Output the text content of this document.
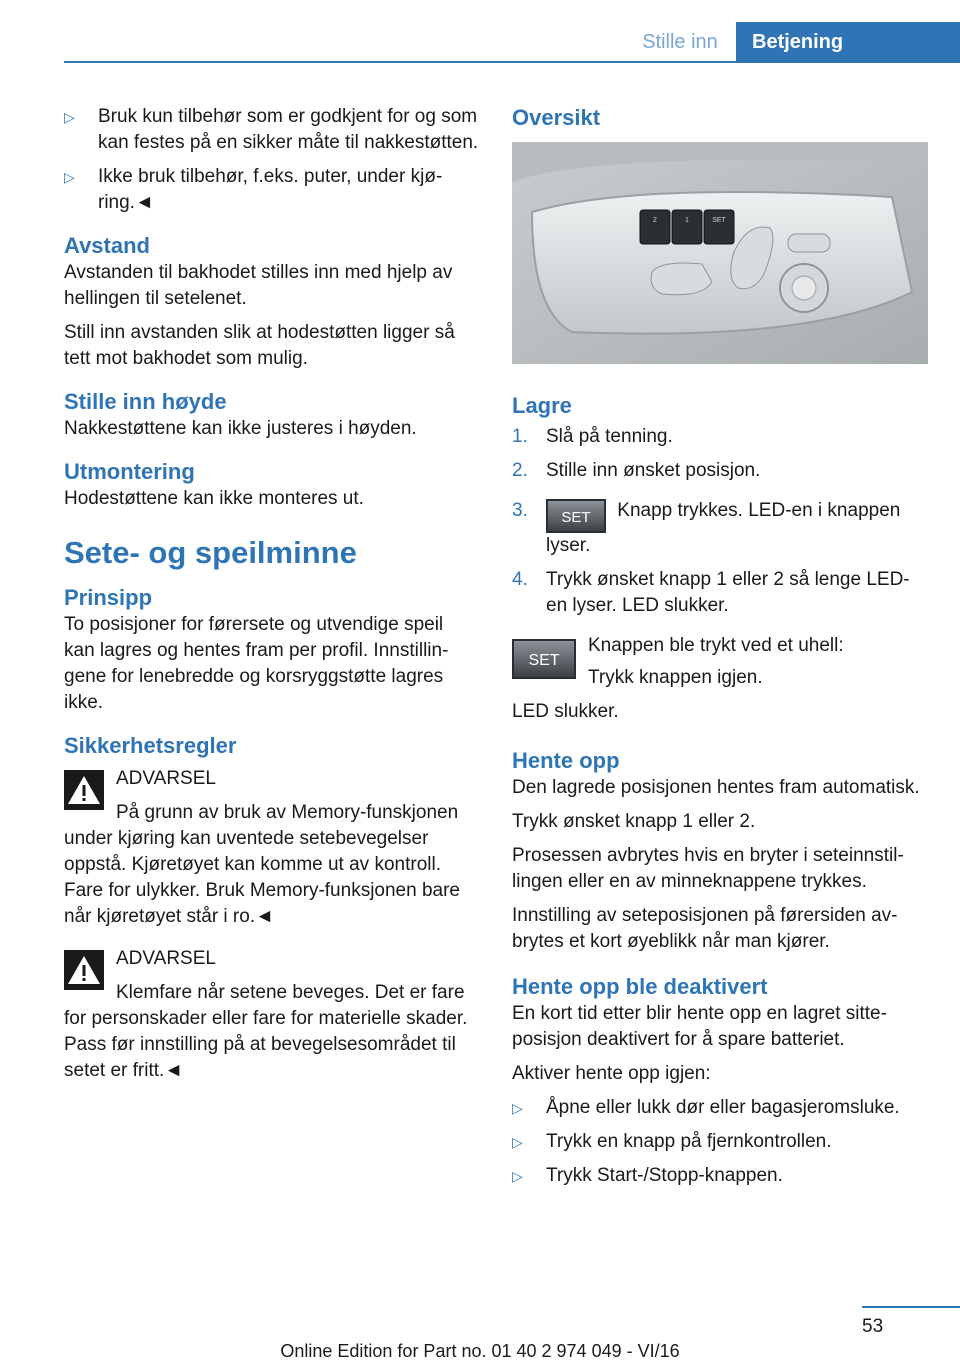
Stille inn	Betjening
▷ Bruk kun tilbehør som er godkjent for og som kan festes på en sikker måte til nakkestøtten.
▷ Ikke bruk tilbehør, f.eks. puter, under kjøring.◄
Avstand

Avstanden til bakhodet stilles inn med hjelp av hellingen til setelenet.

Still inn avstanden slik at hodestøtten ligger så tett mot bakhodet som mulig.

Stille inn høyde

Nakkestøttene kan ikke justeres i høyden.

Utmontering

Hodestøttene kan ikke monteres ut.

Sete- og speilminne
Prinsipp

To posisjoner for førersete og utvendige speil kan lagres og hentes fram per profil. Innstillingene for lenebredde og korsryggstøtte lagres ikke.

Sikkerhetsregler
ADVARSEL

På grunn av bruk av Memory-funskjonen under kjøring kan uventede setebevegelser oppstå. Kjøretøyet kan komme ut av kontroll. Fare for ulykker. Bruk Memory-funksjonen bare når kjøretøyet står i ro.◄

ADVARSEL

Klemfare når setene beveges. Det er fare for personskader eller fare for materielle skader. Pass før innstilling på at bevegelsesområdet til setet er fritt.◄

Oversikt
2	1	SET
Lagre
1. Slå på tenning.
2. Stille inn ønsket posisjon.
3. SET Knapp trykkes. LED-en i knappen lyser.
4. Trykk ønsket knapp 1 eller 2 så lenge LED-en lyser. LED slukker.
SET

Knappen ble trykt ved et uhell:

Trykk knappen igjen.

LED slukker.

Hente opp

Den lagrede posisjonen hentes fram automatisk.

Trykk ønsket knapp 1 eller 2.

Prosessen avbrytes hvis en bryter i seteinnstillingen eller en av minneknappene trykkes.

Innstilling av seteposisjonen på førersiden avbrytes et kort øyeblikk når man kjører.

Hente opp ble deaktivert

En kort tid etter blir hente opp en lagret sitteposisjon deaktivert for å spare batteriet.

Aktiver hente opp igjen:

▷ Åpne eller lukk dør eller bagasjeromsluke.
▷ Trykk en knapp på fjernkontrollen.
▷ Trykk Start-/Stopp-knappen.
53
Online Edition for Part no. 01 40 2 974 049 - VI/16
